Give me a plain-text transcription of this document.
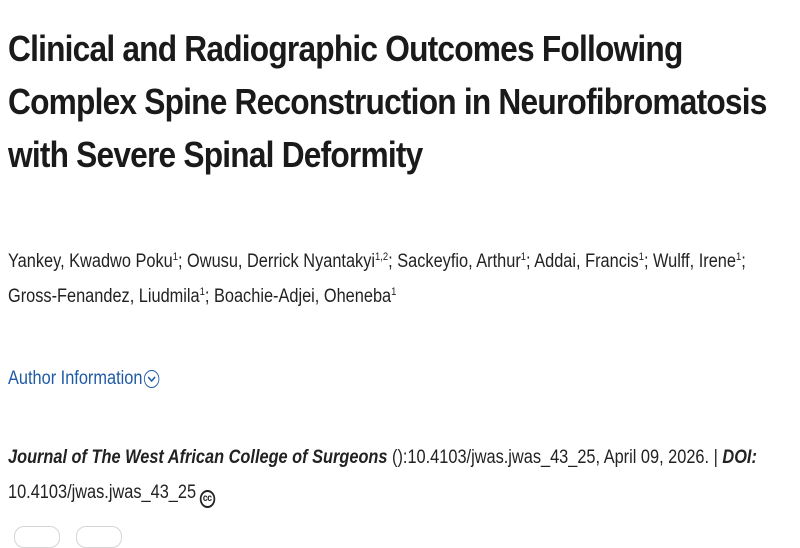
Clinical and Radiographic Outcomes Following Complex Spine Reconstruction in Neurofibromatosis with Severe Spinal Deformity
Yankey, Kwadwo Poku$^1$; Owusu, Derrick Nyantakyi$^{1,2}$; Sackeyfio, Arthur$^1$; Addai, Francis$^1$; Wulff, Irene$^1$; Gross-Fenandez, Liudmila$^1$; Boachie-Adjei, Oheneba$^1$
Author Information
Journal of The West African College of Surgeons ():10.4103/jwas.jwas_43_25, April 09, 2026. | DOI: 10.4103/jwas.jwas_43_25 cc
